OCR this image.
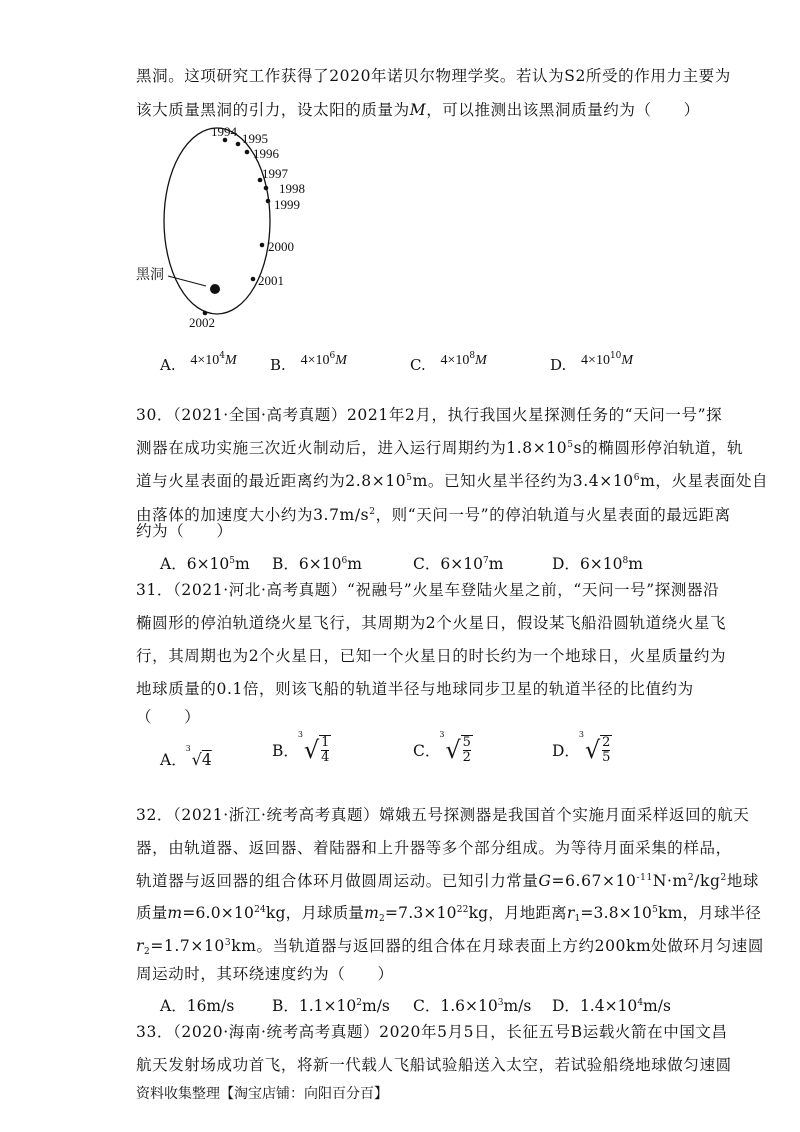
黑洞。这项研究工作获得了2020年诺贝尔物理学奖。若认为S2所受的作用力主要为
该大质量黑洞的引力，设太阳的质量为M，可以推测出该黑洞质量约为（　　）
1994 1995
1996
1997
1998
1999
2000
2001
2002
黑洞
A. $4\times 10^4M$ B. $4\times 10^6M$	C. $4\times 10^8M$	D. $4\times 10^{10}M$
30．（2021·全国·高考真题）2021年2月，执行我国火星探测任务的“天问一号”探
测器在成功实施三次近火制动后，进入运行周期约为$1.8\times 10^5s$的椭圆形停泊轨道，轨
道与火星表面的最近距离约为$2.8\times 10^5m$。已知火星半径约为$3.4\times 10^6m$，火星表面处自
由落体的加速度大小约为$3.7m/s^2$，则“天问一号”的停泊轨道与火星表面的最远距离
约为（　　）
A．$6\times 10^5m$ B．$6\times 10^6m$	C．$6\times 10^7m$	D．$6\times 10^8m$
31．（2021·河北·高考真题）“祝融号”火星车登陆火星之前，“天问一号”探测器沿
椭圆形的停泊轨道绕火星飞行，其周期为2个火星日，假设某飞船沿圆轨道绕火星飞
行，其周期也为2个火星日，已知一个火星日的时长约为一个地球日，火星质量约为
地球质量的0.1倍，则该飞船的轨道半径与地球同步卫星的轨道半径的比值约为
（　　）
A．
3
√4	B．
3
√ $\frac{1}{4}$	C．
3
√ $\frac{5}{2}$	D．
3
√ $\frac{2}{5}$
32．（2021·浙江·统考高考真题）嫦娥五号探测器是我国首个实施月面采样返回的航天
器，由轨道器、返回器、着陆器和上升器等多个部分组成。为等待月面采集的样品，
轨道器与返回器的组合体环月做圆周运动。已知引力常量$G=6.67\times 10^{-11}N\cdot m^2/kg^2$地球
质量$m=6.0\times 10^{24}kg$，月球质量$m_2=7.3\times 10^{22}kg$，月地距离$r_1=3.8\times 10^5km$，月球半径
$r_2=1.7\times 10^3km$。当轨道器与返回器的组合体在月球表面上方约200km处做环月匀速圆
周运动时，其环绕速度约为（　　）
A．16m/s B．$1.1\times 10^2m/s$ C．$1.6\times 10^3m/s$ D．$1.4\times 10^4m/s$
33．（2020·海南·统考高考真题）2020年5月5日，长征五号B运载火箭在中国文昌
航天发射场成功首飞，将新一代载人飞船试验船送入太空，若试验船绕地球做匀速圆
资料收集整理【淘宝店铺：向阳百分百】
